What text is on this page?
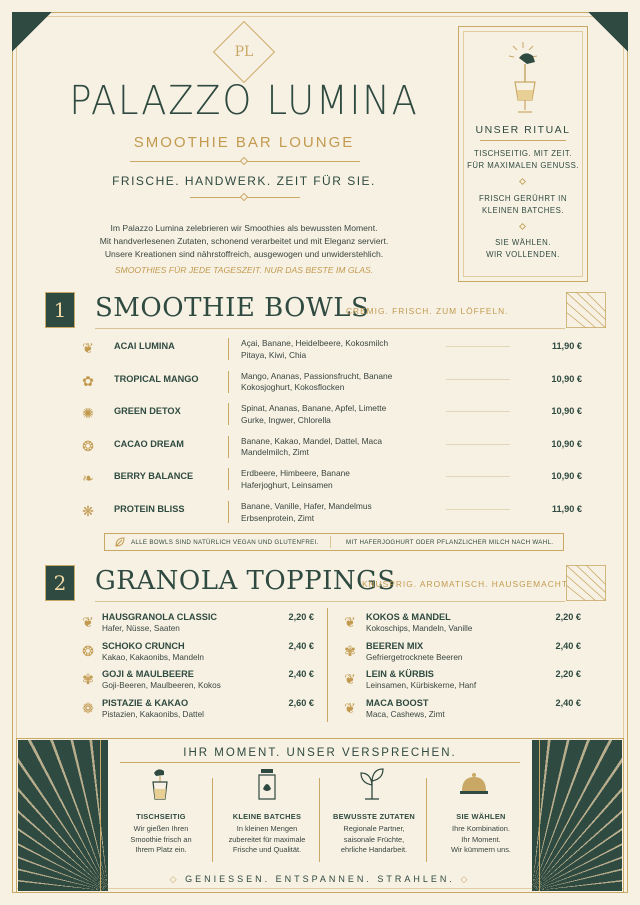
PL
PALAZZO LUMINA
SMOOTHIE BAR LOUNGE
FRISCHE. HANDWERK. ZEIT FÜR SIE.
Im Palazzo Lumina zelebrieren wir Smoothies als bewussten Moment.
Mit handverlesenen Zutaten, schonend verarbeitet und mit Eleganz serviert.
Unsere Kreationen sind nährstoffreich, ausgewogen und unwiderstehlich.
SMOOTHIES FÜR JEDE TAGESZEIT. NUR DAS BESTE IM GLAS.
UNSER RITUAL
TISCHSEITIG. MIT ZEIT.
FÜR MAXIMALEN GENUSS.
FRISCH GERÜHRT IN
KLEINEN BATCHES.
SIE WÄHLEN.
WIR VOLLENDEN.
1	SMOOTHIE BOWLS
CREMIG. FRISCH. ZUM LÖFFELN.
❦ ACAI LUMINA	Açai, Banane, Heidelbeere, Kokosmilch
Pitaya, Kiwi, Chia
11,90 €
✿ TROPICAL MANGO	Mango, Ananas, Passionsfrucht, Banane
Kokosjoghurt, Kokosflocken
10,90 €
✺ GREEN DETOX	Spinat, Ananas, Banane, Apfel, Limette
Gurke, Ingwer, Chlorella
10,90 €
❂ CACAO DREAM	Banane, Kakao, Mandel, Dattel, Maca
Mandelmilch, Zimt
10,90 €
❧ BERRY BALANCE	Erdbeere, Himbeere, Banane
Haferjoghurt, Leinsamen
10,90 €
❋ PROTEIN BLISS	Banane, Vanille, Hafer, Mandelmus
Erbsenprotein, Zimt
11,90 €
ALLE BOWLS SIND NATÜRLICH VEGAN UND GLUTENFREI.	MIT HAFERJOGHURT ODER PFLANZLICHER MILCH NACH WAHL.
2	GRANOLA TOPPINGS
KNUSPRIG. AROMATISCH. HAUSGEMACHT.
❦ HAUSGRANOLA CLASSIC
Hafer, Nüsse, Saaten
2,20 €
❂ SCHOKO CRUNCH
Kakao, Kakaonibs, Mandeln
2,40 €
✾ GOJI & MAULBEERE
Goji-Beeren, Maulbeeren, Kokos
2,40 €
❁ PISTAZIE & KAKAO
Pistazien, Kakaonibs, Dattel
2,60 €
❦ KOKOS & MANDEL
Kokoschips, Mandeln, Vanille
2,20 €
✾ BEEREN MIX
Gefriergetrocknete Beeren
2,40 €
❦ LEIN & KÜRBIS
Leinsamen, Kürbiskerne, Hanf
2,20 €
❦ MACA BOOST
Maca, Cashews, Zimt
2,40 €
IHR MOMENT. UNSER VERSPRECHEN.
TISCHSEITIG
Wir gießen Ihren
Smoothie frisch an
Ihrem Platz ein.
KLEINE BATCHES
In kleinen Mengen
zubereitet für maximale
Frische und Qualität.
BEWUSSTE ZUTATEN
Regionale Partner,
saisonale Früchte,
ehrliche Handarbeit.
SIE WÄHLEN
Ihre Kombination.
Ihr Moment.
Wir kümmern uns.
◇ GENIESSEN. ENTSPANNEN. STRAHLEN. ◇
